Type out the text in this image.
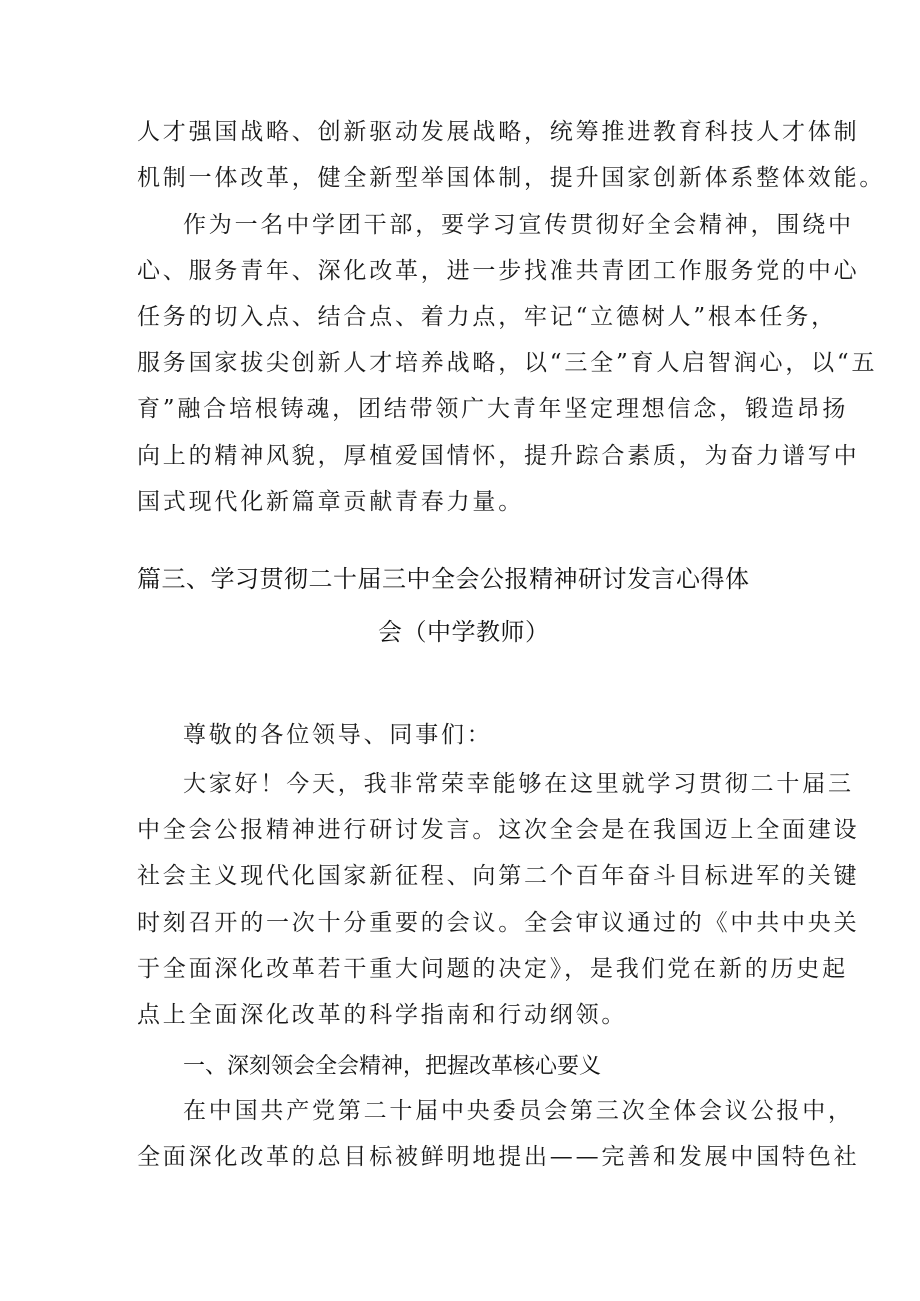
人才强国战略、创新驱动发展战略，统筹推进教育科技人才体制
机制一体改革，健全新型举国体制，提升国家创新体系整体效能。
作为一名中学团干部，要学习宣传贯彻好全会精神，围绕中
心、服务青年、深化改革，进一步找准共青团工作服务党的中心
任务的切入点、结合点、着力点，牢记“立德树人”根本任务，
服务国家拔尖创新人才培养战略，以“三全”育人启智润心，以“五
育”融合培根铸魂，团结带领广大青年坚定理想信念，锻造昂扬
向上的精神风貌，厚植爱国情怀，提升踪合素质，为奋力谱写中
国式现代化新篇章贡献青春力量。
篇三、学习贯彻二十届三中全会公报精神研讨发言心得体
会（中学教师）
尊敬的各位领导、同事们：
大家好！今天，我非常荣幸能够在这里就学习贯彻二十届三
中全会公报精神进行研讨发言。这次全会是在我国迈上全面建设
社会主义现代化国家新征程、向第二个百年奋斗目标进军的关键
时刻召开的一次十分重要的会议。全会审议通过的《中共中央关
于全面深化改革若干重大问题的决定》，是我们党在新的历史起
点上全面深化改革的科学指南和行动纲领。
一、深刻领会全会精神，把握改革核心要义
在中国共产党第二十届中央委员会第三次全体会议公报中，
全面深化改革的总目标被鲜明地提出——完善和发展中国特色社
